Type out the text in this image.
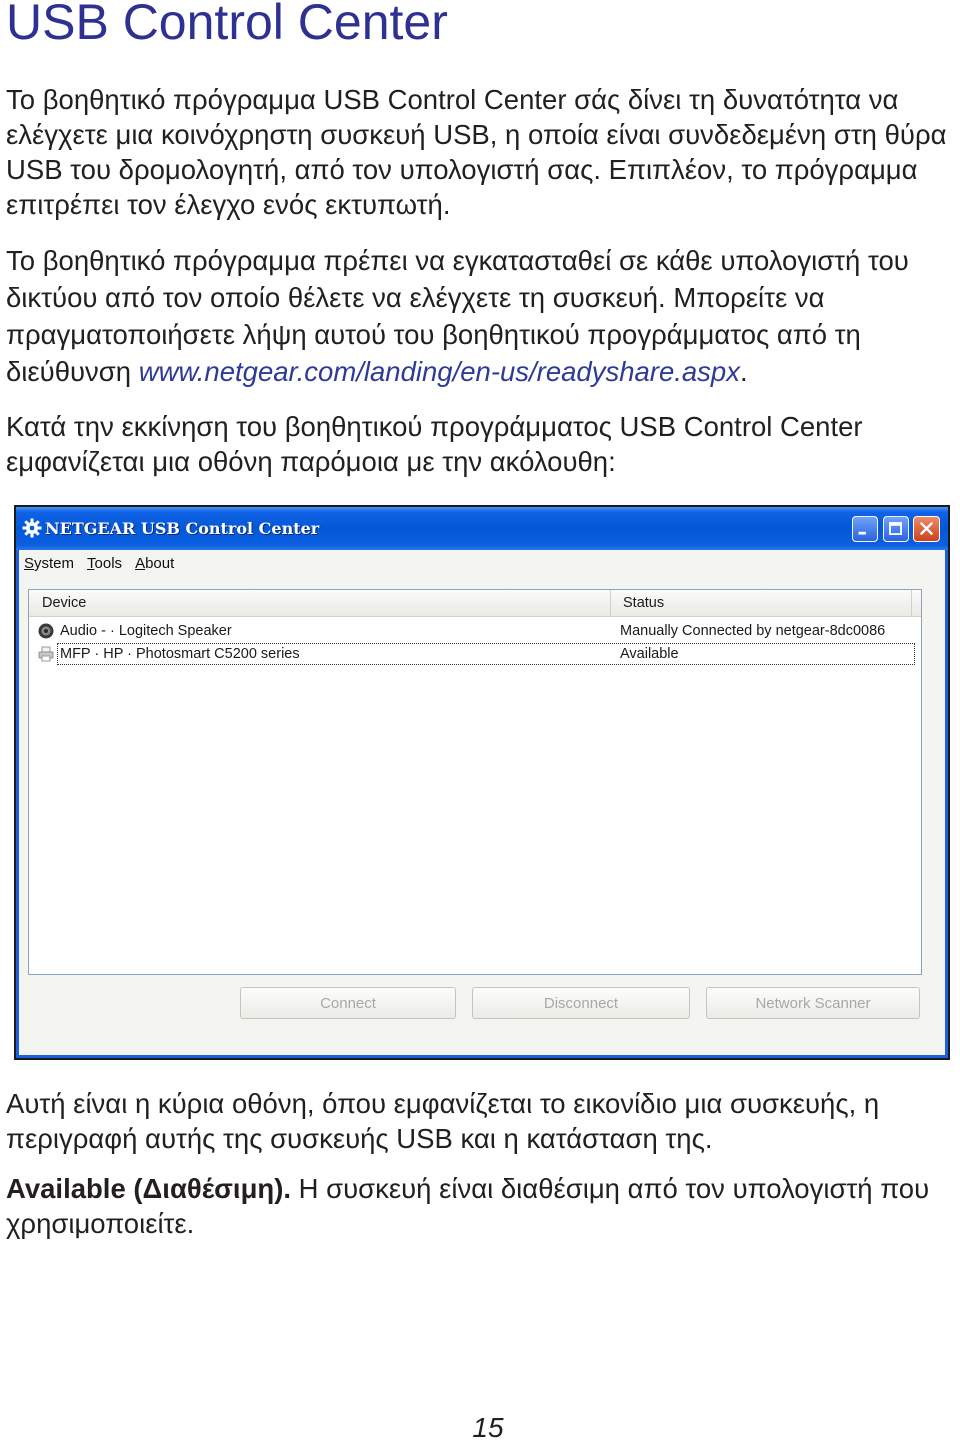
USB Control Center

Το βοηθητικό πρόγραμμα USB Control Center σάς δίνει τη δυνατότητα να ελέγχετε μια κοινόχρηστη συσκευή USB, η οποία είναι συνδεδεμένη στη θύρα USB του δρομολογητή, από τον υπολογιστή σας. Επιπλέον, το πρόγραμμα επιτρέπει τον έλεγχο ενός εκτυπωτή.

Το βοηθητικό πρόγραμμα πρέπει να εγκατασταθεί σε κάθε υπολογιστή του δικτύου από τον οποίο θέλετε να ελέγχετε τη συσκευή. Μπορείτε να πραγματοποιήσετε λήψη αυτού του βοηθητικού προγράμματος από τη διεύθυνση www.netgear.com/landing/en-us/readyshare.aspx.

Κατά την εκκίνηση του βοηθητικού προγράμματος USB Control Center εμφανίζεται μια οθόνη παρόμοια με την ακόλουθη:

NETGEAR USB Control Center
System Tools About
Device	Status
Audio - · Logitech Speaker	Manually Connected by netgear-8dc0086
MFP · HP · Photosmart C5200 series	Available
Connect	Disconnect	Network Scanner

Αυτή είναι η κύρια οθόνη, όπου εμφανίζεται το εικονίδιο μια συσκευής, η περιγραφή αυτής της συσκευής USB και η κατάσταση της.

Available (Διαθέσιμη). Η συσκευή είναι διαθέσιμη από τον υπολογιστή που χρησιμοποιείτε.

15
